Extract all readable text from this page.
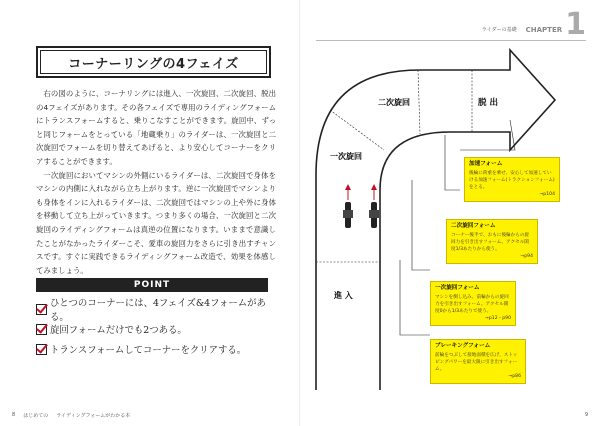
コーナーリングの4フェイズ

右の図のように、コーナリングには進入、一次旋回、二次旋回、脱出の4フェイズがあります。その各フェイズで専用のライディングフォームにトランスフォームすると、乗りこなすことができます。旋回中、ずっと同じフォームをとっている「地蔵乗り」のライダーは、一次旋回と二次旋回でフォームを切り替えてあげると、より安心してコーナーをクリアすることができます。

一次旋回においてマシンの外側にいるライダーは、二次旋回で身体をマシンの内側に入れながら立ち上がります。逆に一次旋回でマシンよりも身体をインに入れるライダーは、二次旋回ではマシンの上や外に身体を移動して立ち上がっていきます。つまり多くの場合、一次旋回と二次旋回のライディングフォームは真逆の位置になります。いままで意識したことがなかったライダーこそ、愛車の旋回力をさらに引き出すチャンスです。すぐに実践できるライディングフォーム改造で、効果を体感してみましょう。

POINT
ひとつのコーナーには、4フェイズ&4フォームがある。
旋回フォームだけでも2つある。
トランスフォームしてコーナーをクリアする。
8 はじめての ライディングフォームがわかる本
ライダーの基礎 CHAPTER 1
進 入
一次旋回
二次旋回	脱 出
加速フォーム
後輪に荷重を乗せ、安心して加速していける加速フォーム(トラクションフォーム)をとる。
→p104
二次旋回フォーム
コーナー後半で、おもに後輪からの旋回力を引き出すフォーム。アクセル開度1/3あたりから使う。
→p94
一次旋回フォーム
マシンを倒し込み、前輪からの旋回力を引き出すフォーム。アクセル開度0から1/3あたりで使う。
→p12・p90
ブレーキングフォーム
前輪をつぶして接地面積を広げ、ストッピングパワーを最大限に引き出すフォーム。
→p86
9
